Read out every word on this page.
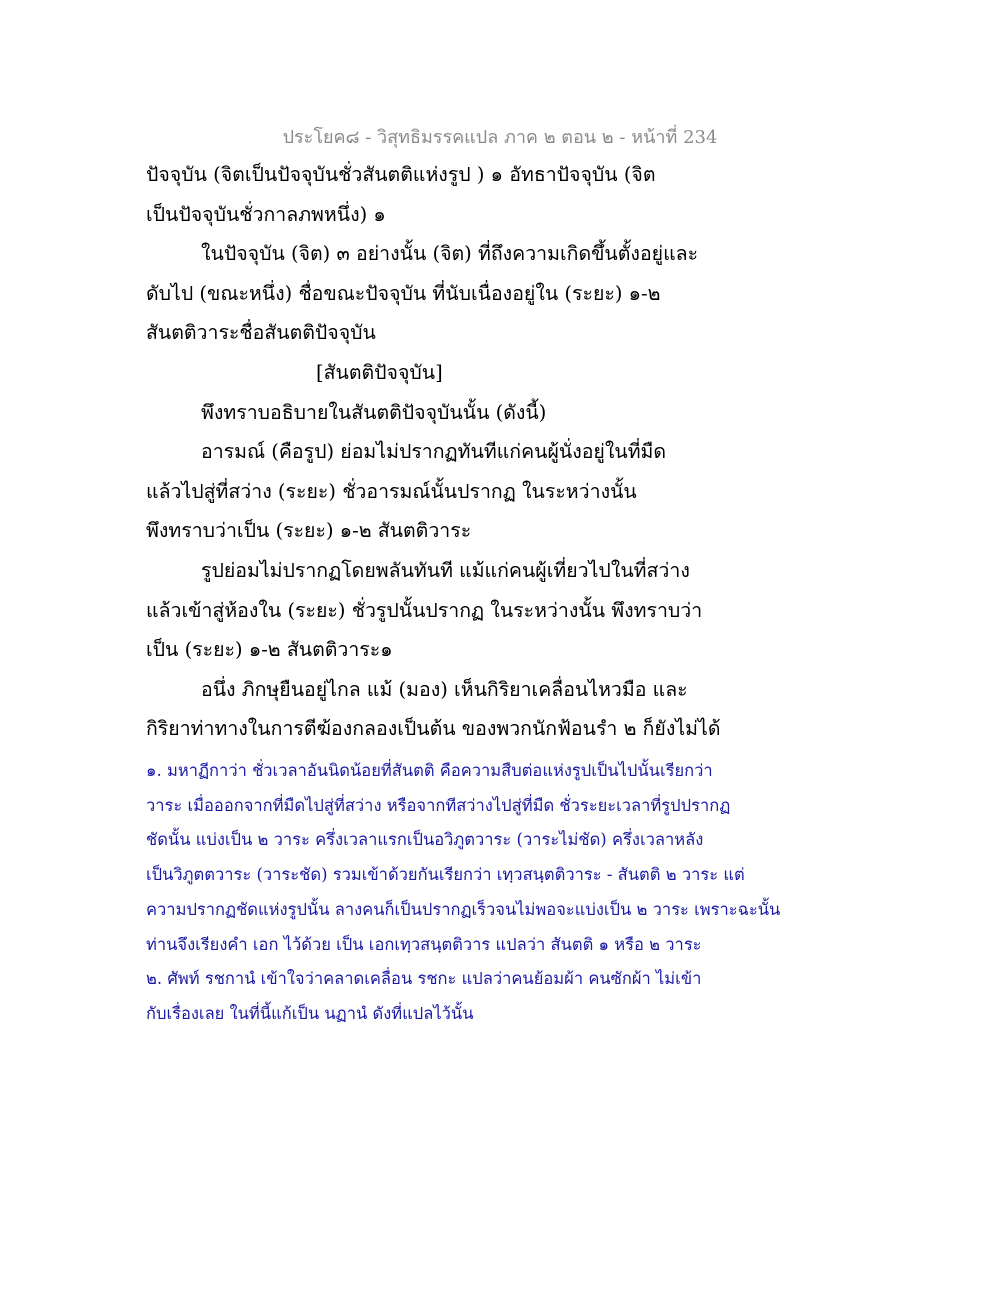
ประโยค๘ - วิสุทธิมรรคแปล ภาค ๒ ตอน ๒ - หน้าที่ 234

ปัจจุบัน (จิตเป็นปัจจุบันชั่วสันตติแห่งรูป ) ๑ อัทธาปัจจุบัน (จิต

เป็นปัจจุบันชั่วกาลภพหนึ่ง) ๑

ในปัจจุบัน (จิต) ๓ อย่างนั้น (จิต) ที่ถึงความเกิดขึ้นตั้งอยู่และ

ดับไป (ขณะหนึ่ง) ชื่อขณะปัจจุบัน ที่นับเนื่องอยู่ใน (ระยะ) ๑-๒

สันตติวาระชื่อสันตติปัจจุบัน

[สันตติปัจจุบัน]

พึงทราบอธิบายในสันตติปัจจุบันนั้น (ดังนี้)

อารมณ์ (คือรูป) ย่อมไม่ปรากฏทันทีแก่คนผู้นั่งอยู่ในที่มืด

แล้วไปสู่ที่สว่าง (ระยะ) ชั่วอารมณ์นั้นปรากฏ ในระหว่างนั้น

พึงทราบว่าเป็น (ระยะ) ๑-๒ สันตติวาระ

รูปย่อมไม่ปรากฏโดยพลันทันที แม้แก่คนผู้เที่ยวไปในที่สว่าง

แล้วเข้าสู่ห้องใน (ระยะ) ชั่วรูปนั้นปรากฏ ในระหว่างนั้น พึงทราบว่า

เป็น (ระยะ) ๑-๒ สันตติวาระ๑

อนึ่ง ภิกษุยืนอยู่ไกล แม้ (มอง) เห็นกิริยาเคลื่อนไหวมือ และ

กิริยาท่าทางในการตีฆ้องกลองเป็นต้น ของพวกนักฟ้อนรำ ๒ ก็ยังไม่ได้

๑. มหาฏีกาว่า ชั่วเวลาอันนิดน้อยที่สันตติ คือความสืบต่อแห่งรูปเป็นไปนั้นเรียกว่า

วาระ เมื่อออกจากที่มืดไปสู่ที่สว่าง หรือจากทีสว่างไปสู่ที่มืด ชั่วระยะเวลาที่รูปปรากฏ

ชัดนั้น แบ่งเป็น ๒ วาระ ครึ่งเวลาแรกเป็นอวิภูตวาระ (วาระไม่ชัด) ครึ่งเวลาหลัง

เป็นวิภูตตวาระ (วาระชัด) รวมเข้าด้วยกันเรียกว่า เทฺวสนฺตติวาระ - สันตติ ๒ วาระ แต่

ความปรากฏชัดแห่งรูปนั้น ลางคนก็เป็นปรากฏเร็วจนไม่พอจะแบ่งเป็น ๒ วาระ เพราะฉะนั้น

ท่านจึงเรียงคำ เอก ไว้ด้วย เป็น เอกเทฺวสนฺตติวาร แปลว่า สันตติ ๑ หรือ ๒ วาระ

๒. ศัพท์ รชกานํ เข้าใจว่าคลาดเคลื่อน รชกะ แปลว่าคนย้อมผ้า คนซักผ้า ไม่เข้า

กับเรื่องเลย ในที่นี้แก้เป็น นฏานํ ดังที่แปลไว้นั้น
